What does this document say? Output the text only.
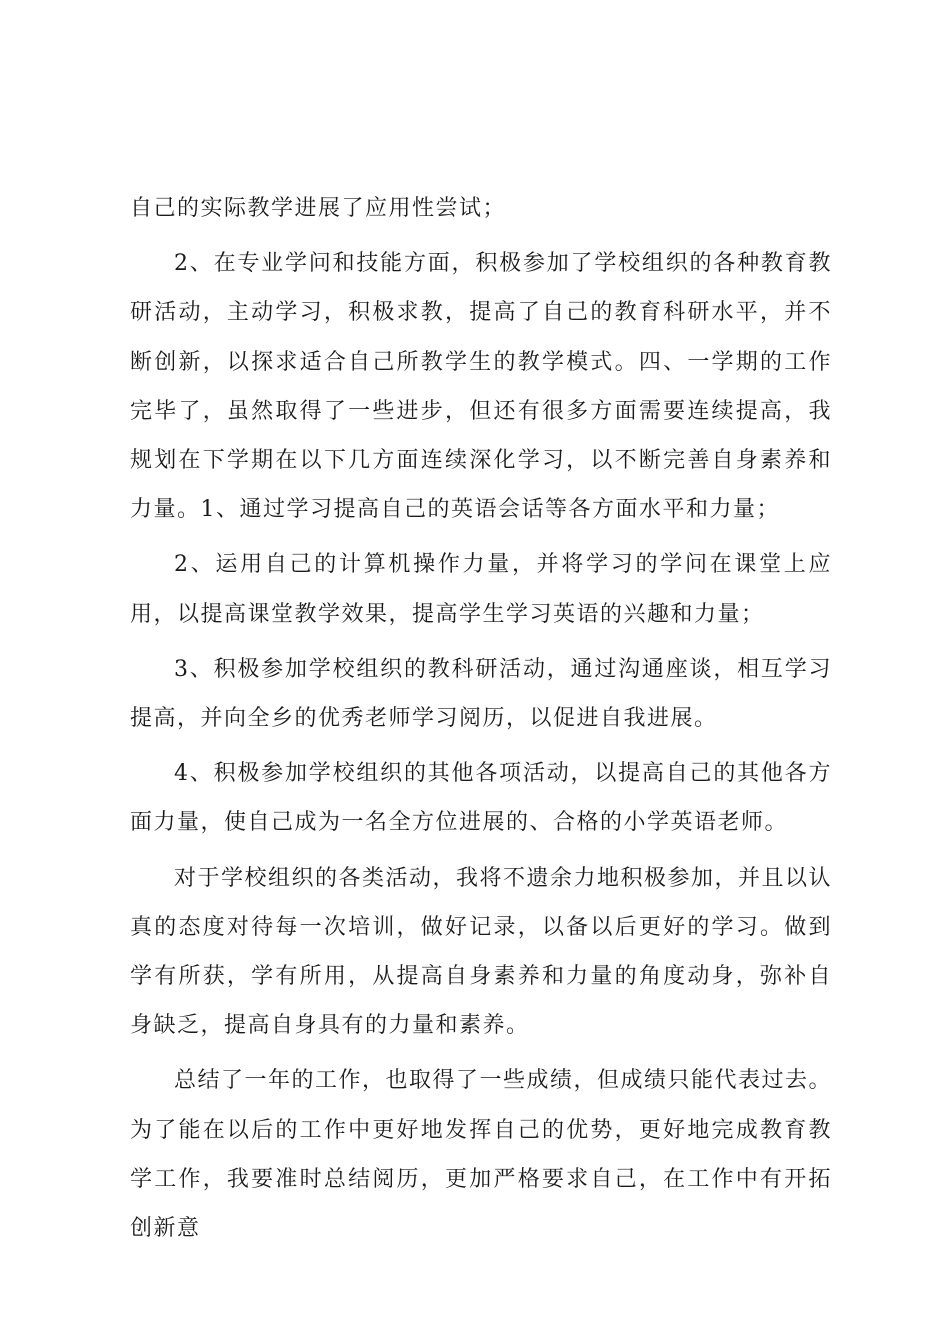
自己的实际教学进展了应用性尝试；

2、在专业学问和技能方面，积极参加了学校组织的各种教育教研活动，主动学习，积极求教，提高了自己的教育科研水平，并不断创新，以探求适合自己所教学生的教学模式。四、一学期的工作完毕了，虽然取得了一些进步，但还有很多方面需要连续提高，我规划在下学期在以下几方面连续深化学习，以不断完善自身素养和力量。1、通过学习提高自己的英语会话等各方面水平和力量；

2、运用自己的计算机操作力量，并将学习的学问在课堂上应用，以提高课堂教学效果，提高学生学习英语的兴趣和力量；

3、积极参加学校组织的教科研活动，通过沟通座谈，相互学习提高，并向全乡的优秀老师学习阅历，以促进自我进展。

4、积极参加学校组织的其他各项活动，以提高自己的其他各方面力量，使自己成为一名全方位进展的、合格的小学英语老师。

对于学校组织的各类活动，我将不遗余力地积极参加，并且以认真的态度对待每一次培训，做好记录，以备以后更好的学习。做到学有所获，学有所用，从提高自身素养和力量的角度动身，弥补自身缺乏，提高自身具有的力量和素养。

总结了一年的工作，也取得了一些成绩，但成绩只能代表过去。为了能在以后的工作中更好地发挥自己的优势，更好地完成教育教学工作，我要准时总结阅历，更加严格要求自己，在工作中有开拓创新意
